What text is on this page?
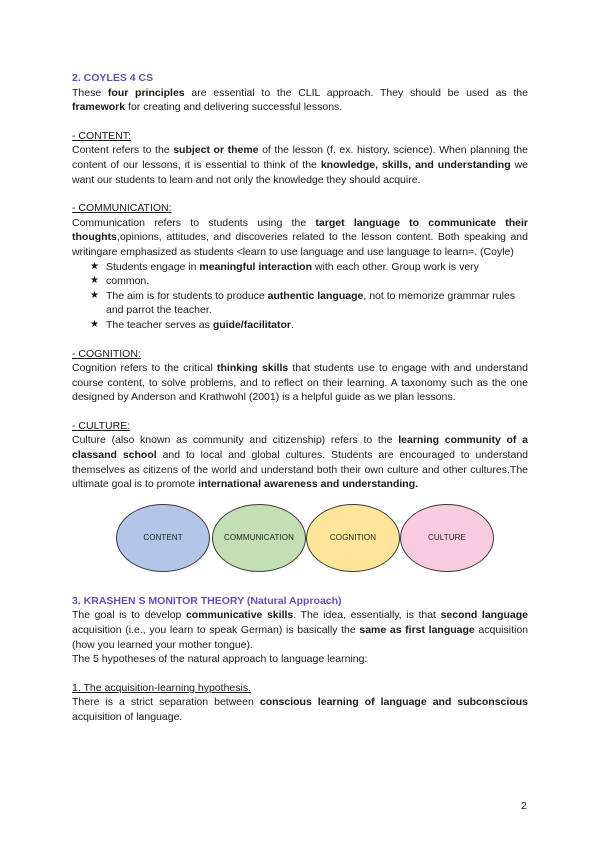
2. COYLES 4 CS

These four principles are essential to the CLIL approach. They should be used as the framework for creating and delivering successful lessons.

- CONTENT:

Content refers to the subject or theme of the lesson (f. ex. history, science). When planning the content of our lessons, it is essential to think of the knowledge, skills, and understanding we want our students to learn and not only the knowledge they should acquire.

- COMMUNICATION:

Communication refers to students using the target language to communicate their thoughts,opinions, attitudes, and discoveries related to the lesson content. Both speaking and writingare emphasized as students <learn to use language and use language to learn=. (Coyle)

★ Students engage in meaningful interaction with each other. Group work is very
★ common.
★ The aim is for students to produce authentic language, not to memorize grammar rules and parrot the teacher.
★ The teacher serves as guide/facilitator.

- COGNITION:

Cognition refers to the critical thinking skills that students use to engage with and understand course content, to solve problems, and to reflect on their learning. A taxonomy such as the one designed by Anderson and Krathwohl (2001) is a helpful guide as we plan lessons.

- CULTURE:

Culture (also known as community and citizenship) refers to the learning community of a classand school and to local and global cultures. Students are encouraged to understand themselves as citizens of the world and understand both their own culture and other cultures.The ultimate goal is to promote international awareness and understanding.

CONTENT	COMMUNICATION	COGNITION	CULTURE

3. KRASHEN S MONITOR THEORY (Natural Approach)

The goal is to develop communicative skills. The idea, essentially, is that second language acquisition (i.e., you learn to speak German) is basically the same as first language acquisition (how you learned your mother tongue).

The 5 hypotheses of the natural approach to language learning:

1. The acquisition-learning hypothesis.

There is a strict separation between conscious learning of language and subconscious acquisition of language.

2
